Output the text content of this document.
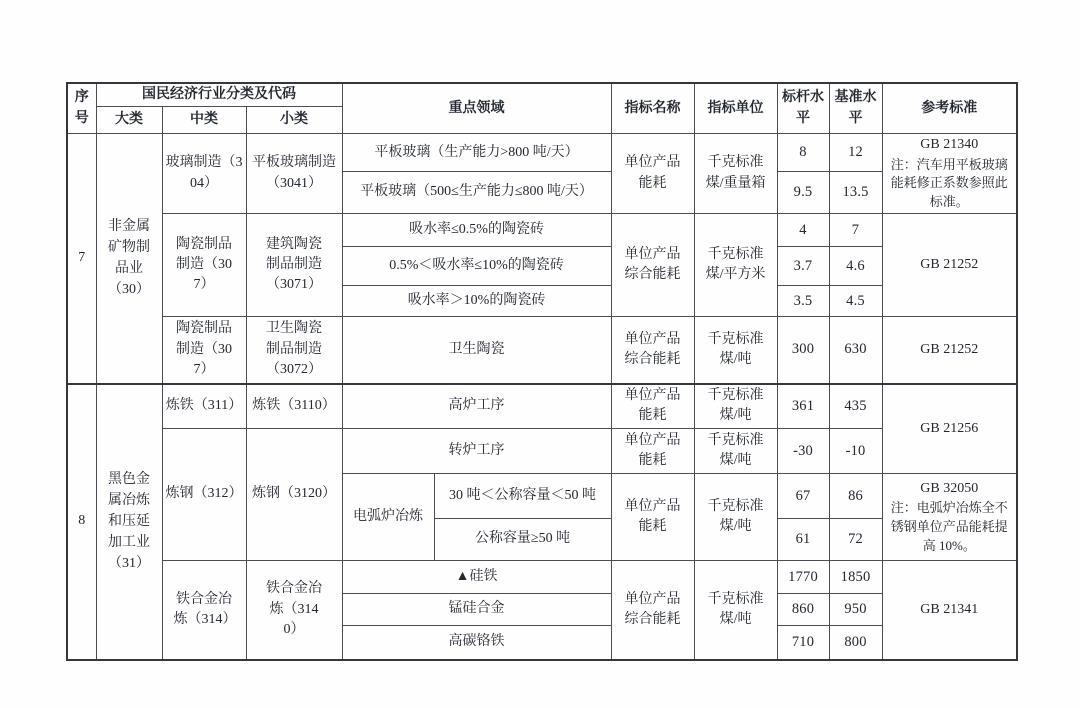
序号	国民经济行业分类及代码			重点领域		指标名称	指标单位	标杆水平	基准水平	参考标准
	大类	中类	小类							
7	非金属矿物制品业（30）	玻璃制造（304）	平板玻璃制造（3041）	平板玻璃（生产能力>800 吨/天）		单位产品能耗	千克标准煤/重量箱	8	12	GB 21340
注：汽车用平板玻璃能耗修正系数参照此标准。

				平板玻璃（500≤生产能力≤800 吨/天）				9.5	13.5	
		陶瓷制品制造（307）	建筑陶瓷制品制造（3071）	吸水率≤0.5%的陶瓷砖		单位产品综合能耗	千克标准煤/平方米	4	7	GB 21252
				0.5%＜吸水率≤10%的陶瓷砖				3.7	4.6	
				吸水率＞10%的陶瓷砖				3.5	4.5	
		陶瓷制品制造（307）	卫生陶瓷制品制造（3072）	卫生陶瓷		单位产品综合能耗	千克标准煤/吨	300	630	GB 21252
8	黑色金属冶炼和压延加工业（31）	炼铁（311）	炼铁（3110）	高炉工序		单位产品能耗	千克标准煤/吨	361	435	GB 21256
		炼钢（312）	炼钢（3120）	转炉工序		单位产品能耗	千克标准煤/吨	-30	-10	
				电弧炉冶炼	30 吨＜公称容量＜50 吨	单位产品能耗	千克标准煤/吨	67	86	GB 32050
注：电弧炉冶炼全不锈钢单位产品能耗提高 10%。

					公称容量≥50 吨			61	72	
		铁合金冶炼（314）	铁合金冶炼（3140）	▲硅铁		单位产品综合能耗	千克标准煤/吨	1770	1850	GB 21341
				锰硅合金				860	950	
				高碳铬铁				710	800	
